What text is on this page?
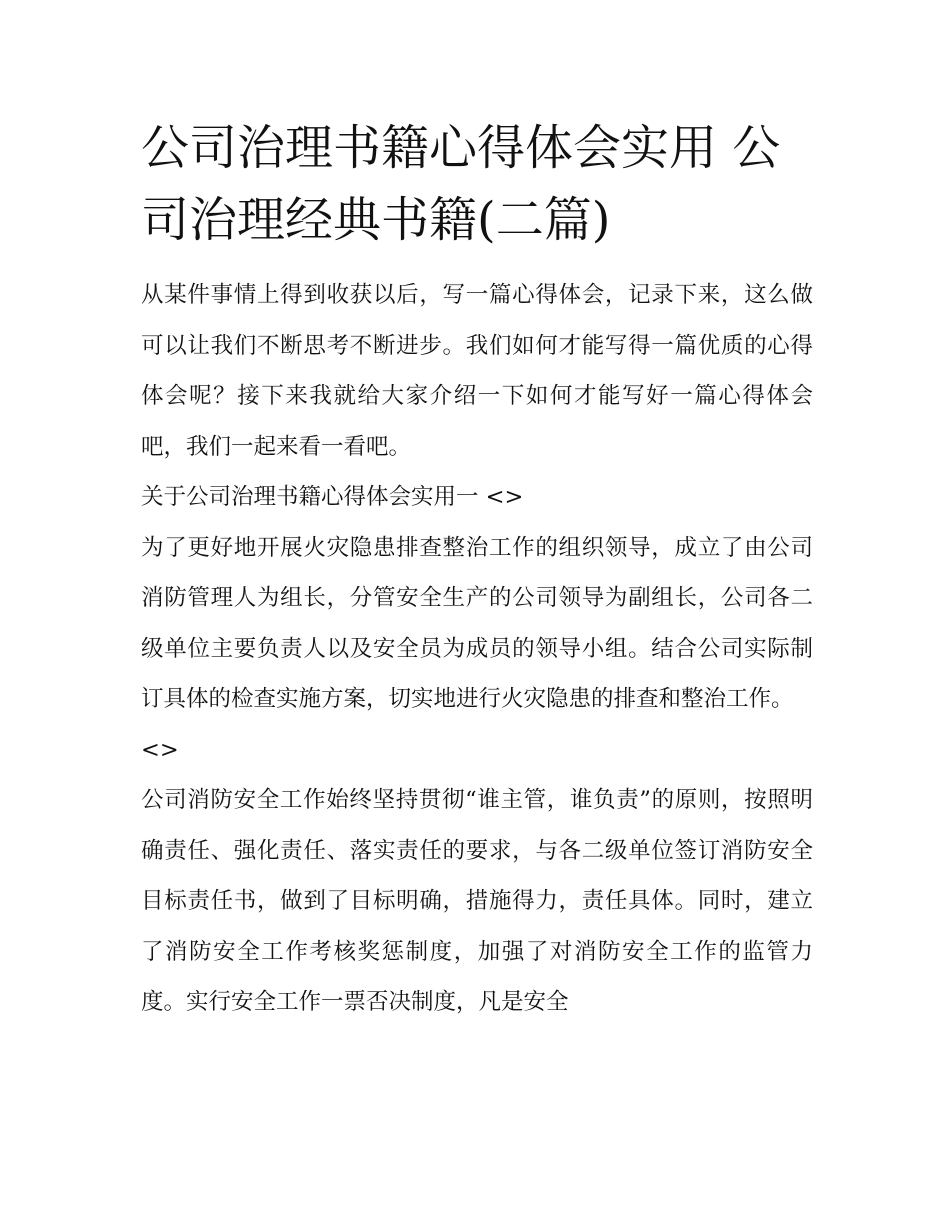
公司治理书籍心得体会实用 公司治理经典书籍(二篇)

从某件事情上得到收获以后，写一篇心得体会，记录下来，这么做可以让我们不断思考不断进步。我们如何才能写得一篇优质的心得体会呢？接下来我就给大家介绍一下如何才能写好一篇心得体会吧，我们一起来看一看吧。

关于公司治理书籍心得体会实用一 <>

为了更好地开展火灾隐患排查整治工作的组织领导，成立了由公司消防管理人为组长，分管安全生产的公司领导为副组长，公司各二级单位主要负责人以及安全员为成员的领导小组。结合公司实际制订具体的检查实施方案，切实地进行火灾隐患的排查和整治工作。

<>

公司消防安全工作始终坚持贯彻“谁主管，谁负责”的原则，按照明确责任、强化责任、落实责任的要求，与各二级单位签订消防安全目标责任书，做到了目标明确，措施得力，责任具体。同时，建立了消防安全工作考核奖惩制度，加强了对消防安全工作的监管力度。实行安全工作一票否决制度，凡是安全
